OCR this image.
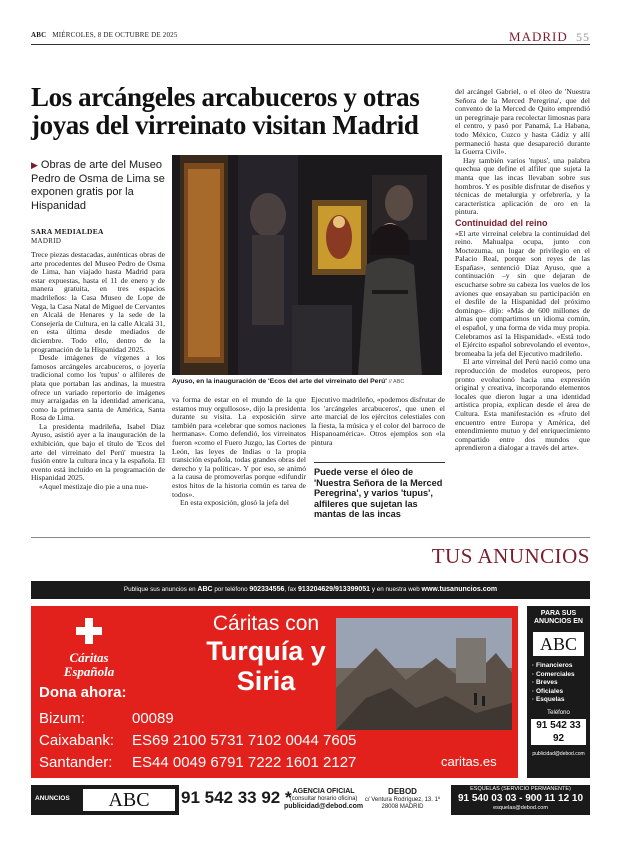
ABC MIÉRCOLES, 8 DE OCTUBRE DE 2025	MADRID 55
Los arcángeles arcabuceros y otras joyas del virreinato visitan Madrid
▶ Obras de arte del Museo Pedro de Osma de Lima se exponen gratis por la Hispanidad
SARA MEDIALDEA
MADRID

Trece piezas destacadas, auténticas obras de arte procedentes del Museo Pedro de Osma de Lima, han viajado hasta Madrid para estar expuestas, hasta el 11 de enero y de manera gratuita, en tres espacios madrileños: la Casa Museo de Lope de Vega, la Casa Natal de Miguel de Cervantes en Alcalá de Henares y la sede de la Consejería de Cultura, en la calle Alcalá 31, en esta última desde mediados de diciembre. Todo ello, dentro de la programación de la Hispanidad 2025.

Desde imágenes de vírgenes a los famosos arcángeles arcabuceros, o joyería tradicional como los 'tupus' o alfileres de plata que portaban las andinas, la muestra ofrece un variado repertorio de imágenes muy arraigadas en la identidad americana, como la primera santa de América, Santa Rosa de Lima.

La presidenta madrileña, Isabel Díaz Ayuso, asistió ayer a la inauguración de la exhibición, que bajo el título de 'Ecos del arte del virreinato del Perú' muestra la fusión entre la cultura inca y la española. El evento está incluido en la programación de Hispanidad 2025.

«Aquel mestizaje dio pie a una nue-

Ayuso, en la inauguración de 'Ecos del arte del virreinato del Perú' // ABC

va forma de estar en el mundo de la que estamos muy orgullosos», dijo la presidenta durante su visita. La exposición sirve también para «celebrar que somos naciones hermanas». Como defendió, los virreinatos fueron «como el Fuero Juzgo, las Cortes de León, las leyes de Indias o la propia transición española, todas grandes obras del derecho y la política». Y por eso, se animó a la causa de promoverlas porque «difundir estos hitos de la historia común es tarea de todos».

En esta exposición, glosó la jefa del

Ejecutivo madrileño, «podemos disfrutar de los 'arcángeles arcabuceros', que unen el arte marcial de los ejércitos celestiales con la fiesta, la música y el color del barroco de Hispanoamérica». Otros ejemplos son «la pintura

Puede verse el óleo de 'Nuestra Señora de la Merced Peregrina', y varios 'tupus', alfileres que sujetan las mantas de las incas

del arcángel Gabriel, o el óleo de 'Nuestra Señora de la Merced Peregrina', que del convento de la Merced de Quito emprendió un peregrinaje para recolectar limosnas para el centro, y pasó por Panamá, La Habana, todo México, Cuzco y hasta Cádiz y allí permaneció hasta que desapareció durante la Guerra Civil».

Hay también varios 'tupus', una palabra quechua que define el alfiler que sujeta la manta que las incas llevaban sobre sus hombros. Y es posible disfrutar de diseños y técnicas de metalurgia y orfebrería, y la característica aplicación de oro en la pintura.

Continuidad del reino

«El arte virreinal celebra la continuidad del reino. Mahualpa ocupa, junto con Moctezuma, un lugar de privilegio en el Palacio Real, porque son reyes de las Españas», sentenció Díaz Ayuso, que a continuación –y sin que dejaran de escucharse sobre su cabeza los vuelos de los aviones que ensayaban su participación en el desfile de la Hispanidad del próximo domingo– dijo: «Más de 600 millones de almas que compartimos un idioma común, el español, y una forma de vida muy propia. Celebramos así la Hispanidad». «Está todo el Ejército español sobrevolando el evento», bromeaba la jefa del Ejecutivo madrileño.

El arte virreinal del Perú nació como una reproducción de modelos europeos, pero pronto evolucionó hacia una expresión original y creativa, incorporando elementos locales que dieron lugar a una identidad artística propia, explican desde el área de Cultura. Esta manifestación es «fruto del encuentro entre Europa y América, del entendimiento mutuo y del enriquecimiento compartido entre dos mundos que aprendieron a dialogar a través del arte».

TUS ANUNCIOS
Publique sus anuncios en ABC por teléfono 902334556, fax 913204629/913399051 y en nuestra web www.tusanuncios.com
Cáritas
Española
Cáritas con
Turquía y
Siria
Dona ahora:
Bizum:	00089
Caixabank: ES69 2100 5731 7102 0044 7605
Santander: ES44 0049 6791 7222 1601 2127	caritas.es
PARA SUS ANUNCIOS EN
ABC
· Financieros
· Comerciales
· Breves
· Oficiales
· Esquelas
Teléfono
91 542 33 92
publicidad@debod.com
ANUNCIOS	ABC	91 542 33 92 * AGENCIA OFICIAL
(consultar horario oficina)
publicidad@debod.com
DEBOD
c/ Ventura Rodríguez, 13. 1º
28008 MADRID
ESQUELAS (SERVICIO PERMANENTE)
91 540 03 03 - 900 11 12 10
esquelas@debod.com
